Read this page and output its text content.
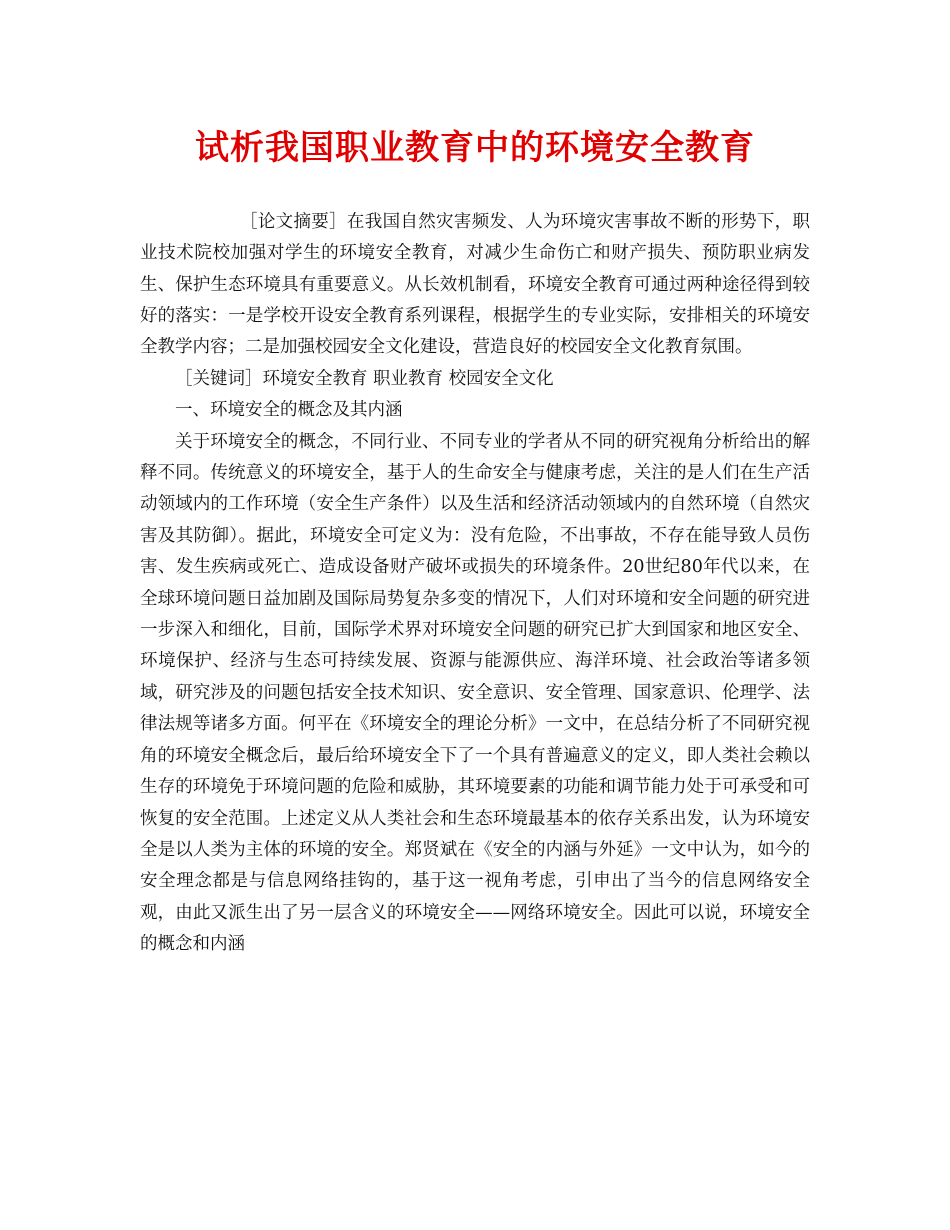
试析我国职业教育中的环境安全教育

［论文摘要］在我国自然灾害频发、人为环境灾害事故不断的形势下，职业技术院校加强对学生的环境安全教育，对减少生命伤亡和财产损失、预防职业病发生、保护生态环境具有重要意义。从长效机制看，环境安全教育可通过两种途径得到较好的落实：一是学校开设安全教育系列课程，根据学生的专业实际，安排相关的环境安全教学内容；二是加强校园安全文化建设，营造良好的校园安全文化教育氛围。

［关键词］环境安全教育 职业教育 校园安全文化

一、环境安全的概念及其内涵

关于环境安全的概念，不同行业、不同专业的学者从不同的研究视角分析给出的解释不同。传统意义的环境安全，基于人的生命安全与健康考虑，关注的是人们在生产活动领域内的工作环境（安全生产条件）以及生活和经济活动领域内的自然环境（自然灾害及其防御）。据此，环境安全可定义为：没有危险，不出事故，不存在能导致人员伤害、发生疾病或死亡、造成设备财产破坏或损失的环境条件。20世纪80年代以来，在全球环境问题日益加剧及国际局势复杂多变的情况下，人们对环境和安全问题的研究进一步深入和细化，目前，国际学术界对环境安全问题的研究已扩大到国家和地区安全、环境保护、经济与生态可持续发展、资源与能源供应、海洋环境、社会政治等诸多领域，研究涉及的问题包括安全技术知识、安全意识、安全管理、国家意识、伦理学、法律法规等诸多方面。何平在《环境安全的理论分析》一文中，在总结分析了不同研究视角的环境安全概念后，最后给环境安全下了一个具有普遍意义的定义，即人类社会赖以生存的环境免于环境问题的危险和威胁，其环境要素的功能和调节能力处于可承受和可恢复的安全范围。上述定义从人类社会和生态环境最基本的依存关系出发，认为环境安全是以人类为主体的环境的安全。郑贤斌在《安全的内涵与外延》一文中认为，如今的安全理念都是与信息网络挂钩的，基于这一视角考虑，引申出了当今的信息网络安全观，由此又派生出了另一层含义的环境安全——网络环境安全。因此可以说，环境安全的概念和内涵
